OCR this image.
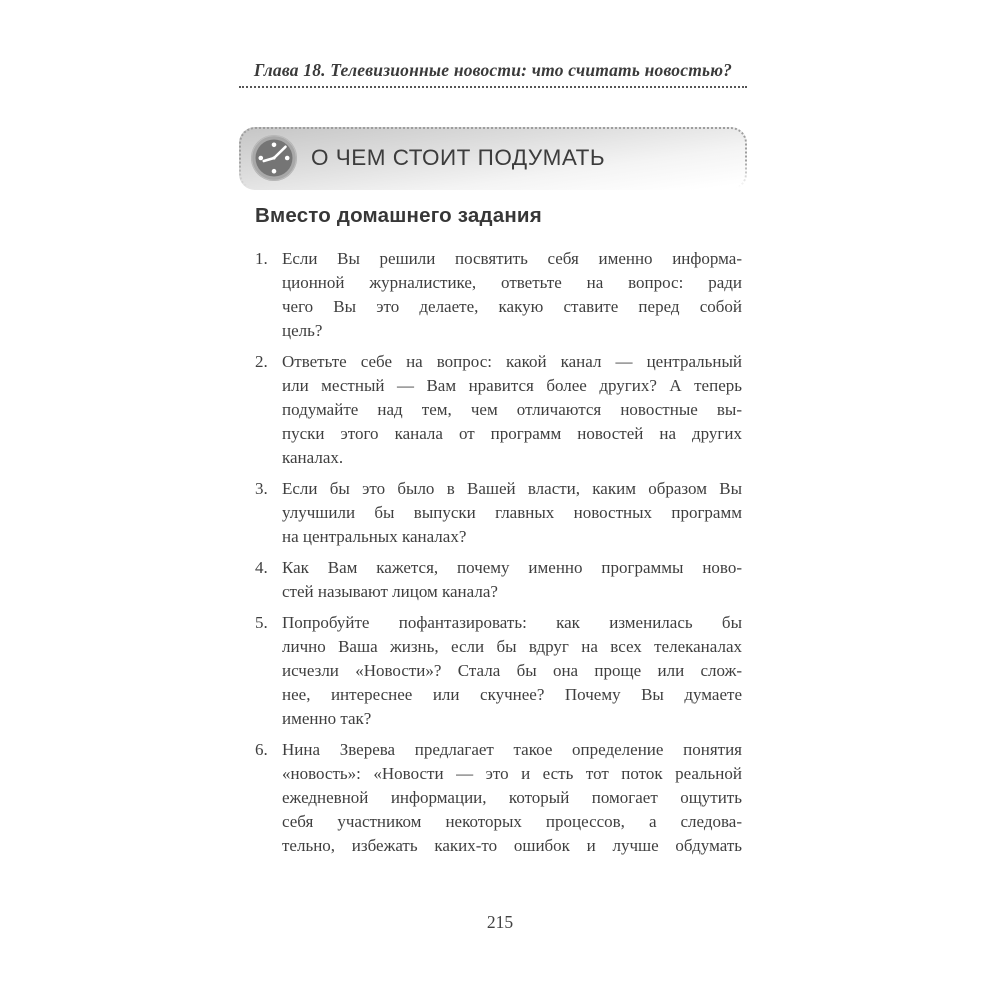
Глава 18. Телевизионные новости: что считать новостью?
О ЧЕМ СТОИТ ПОДУМАТЬ
Вместо домашнего задания
1. Если Вы решили посвятить себя именно информа-
ционной журналистике, ответьте на вопрос: ради
чего Вы это делаете, какую ставите перед собой
цель?
2. Ответьте себе на вопрос: какой канал — центральный
или местный — Вам нравится более других? А теперь
подумайте над тем, чем отличаются новостные вы-
пуски этого канала от программ новостей на других
каналах.
3. Если бы это было в Вашей власти, каким образом Вы
улучшили бы выпуски главных новостных программ
на центральных каналах?
4. Как Вам кажется, почему именно программы ново-
стей называют лицом канала?
5. Попробуйте пофантазировать: как изменилась бы
лично Ваша жизнь, если бы вдруг на всех телеканалах
исчезли «Новости»? Стала бы она проще или слож-
нее, интереснее или скучнее? Почему Вы думаете
именно так?
6. Нина Зверева предлагает такое определение понятия
«новость»: «Новости — это и есть тот поток реальной
ежедневной информации, который помогает ощутить
себя участником некоторых процессов, а следова-
тельно, избежать каких-то ошибок и лучше обдумать
215
